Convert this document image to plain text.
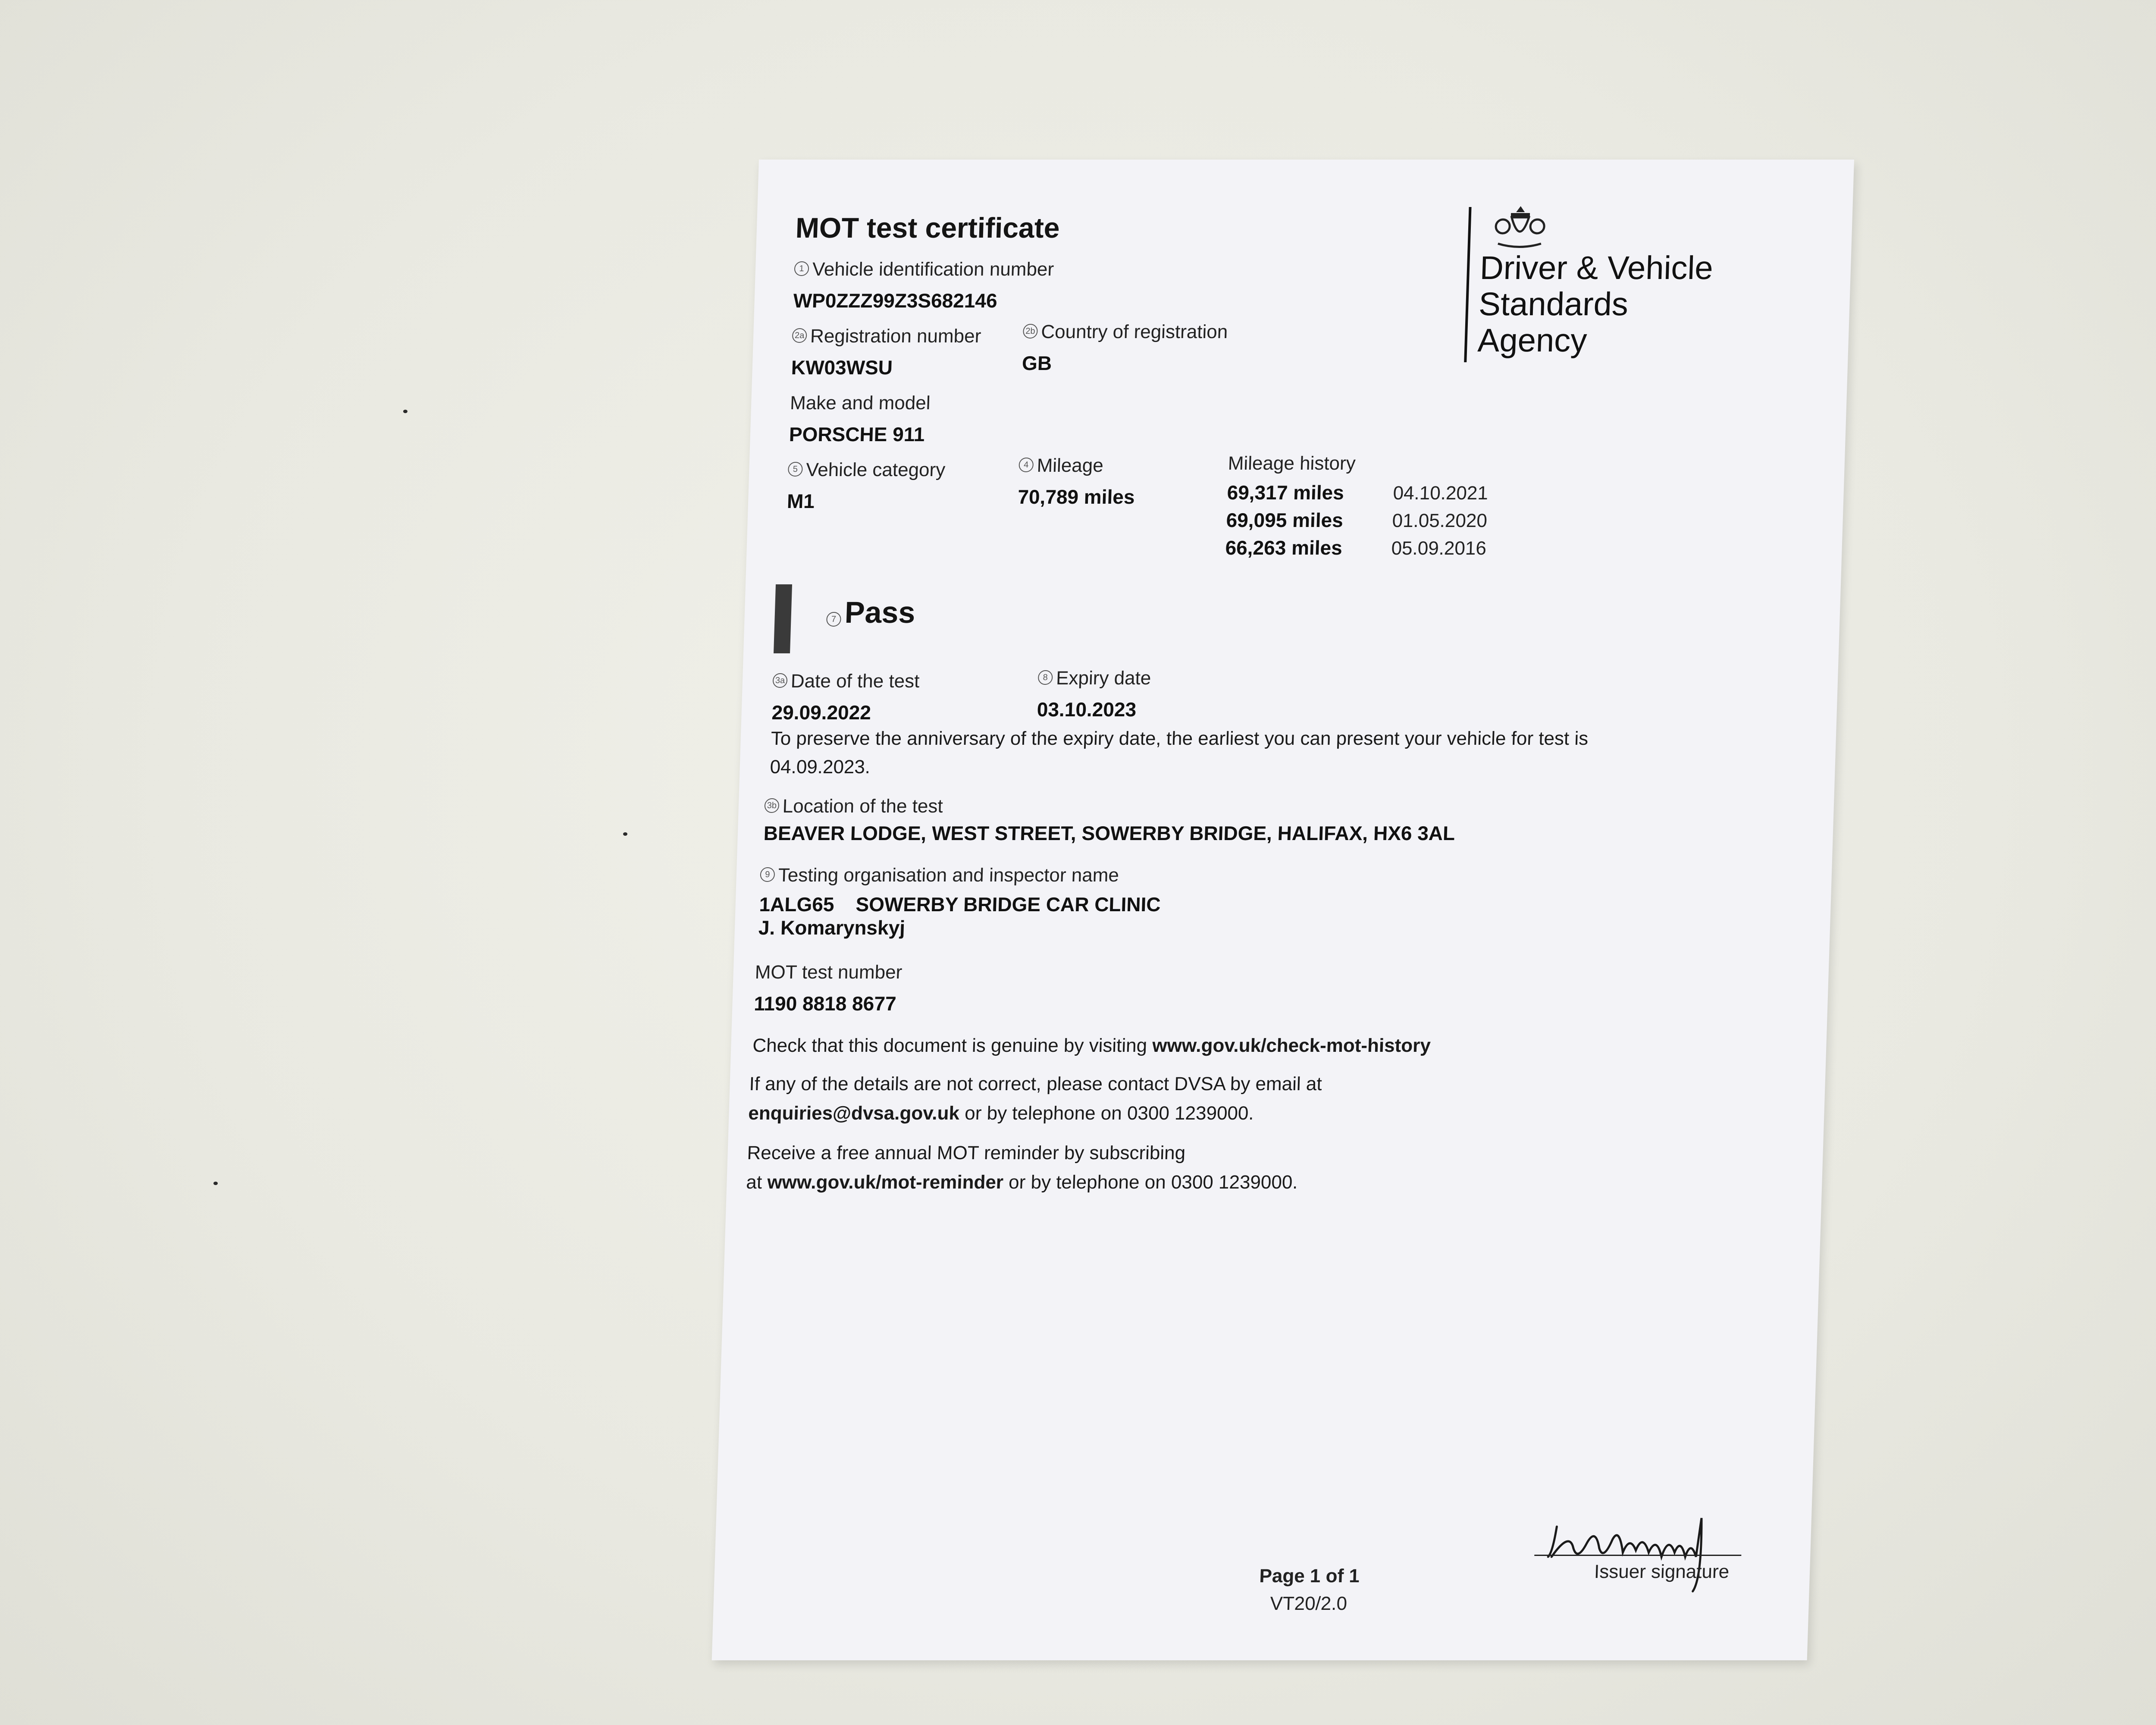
MOT test certificate
Driver & Vehicle
Standards
Agency
1 Vehicle identification number
WP0ZZZ99Z3S682146
2a Registration number
KW03WSU
2b Country of registration
GB
Make and model
PORSCHE 911
5 Vehicle category
M1
4 Mileage
70,789 miles
Mileage history
69,317 miles	04.10.2021
69,095 miles	01.05.2020
66,263 miles	05.09.2016
7 Pass
3a Date of the test
29.09.2022
8 Expiry date
03.10.2023
To preserve the anniversary of the expiry date, the earliest you can present your vehicle for test is
04.09.2023.
3b Location of the test
BEAVER LODGE, WEST STREET, SOWERBY BRIDGE, HALIFAX, HX6 3AL
9 Testing organisation and inspector name
1ALG65 SOWERBY BRIDGE CAR CLINIC
J. Komarynskyj
MOT test number
1190 8818 8677
Check that this document is genuine by visiting www.gov.uk/check-mot-history
If any of the details are not correct, please contact DVSA by email at
enquiries@dvsa.gov.uk or by telephone on 0300 1239000.
Receive a free annual MOT reminder by subscribing
at www.gov.uk/mot-reminder or by telephone on 0300 1239000.
Issuer signature
Page 1 of 1
VT20/2.0
